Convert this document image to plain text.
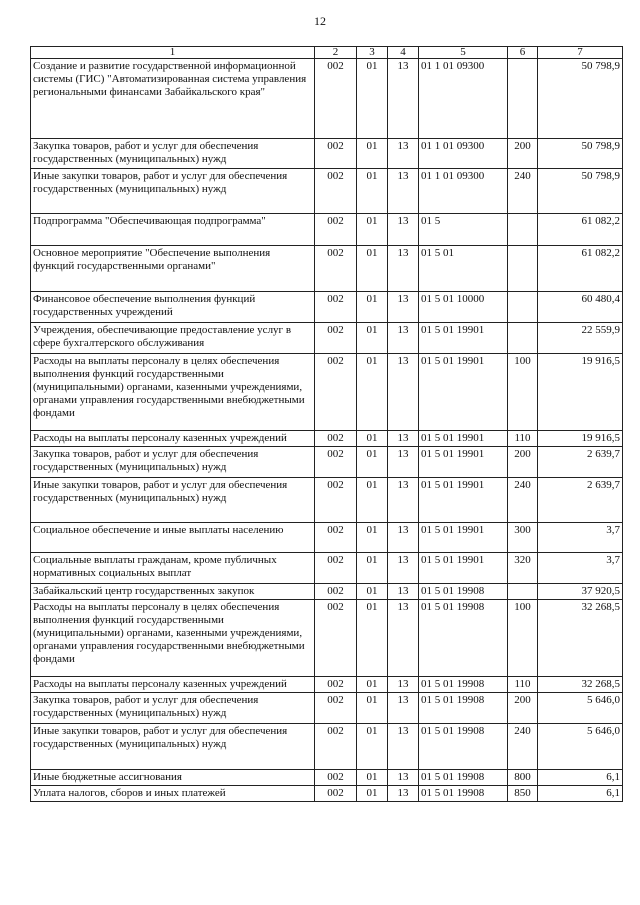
12
1	2	3	4	5	6	7
Создание и развитие государственной информационной системы (ГИС) "Автоматизированная система управления региональными финансами Забайкальского края"	002	01	13	01 1 01 09300		50 798,9
Закупка товаров, работ и услуг для обеспечения государственных (муниципальных) нужд	002	01	13	01 1 01 09300	200	50 798,9
Иные закупки товаров, работ и услуг для обеспечения государственных (муниципальных) нужд	002	01	13	01 1 01 09300	240	50 798,9
Подпрограмма "Обеспечивающая подпрограмма"	002	01	13	01 5		61 082,2
Основное мероприятие "Обеспечение выполнения функций государственными органами"	002	01	13	01 5 01		61 082,2
Финансовое обеспечение выполнения функций государственных учреждений	002	01	13	01 5 01 10000		60 480,4
Учреждения, обеспечивающие предоставление услуг в сфере бухгалтерского обслуживания	002	01	13	01 5 01 19901		22 559,9
Расходы на выплаты персоналу в целях обеспечения выполнения функций государственными (муниципальными) органами, казенными учреждениями, органами управления государственными внебюджетными фондами	002	01	13	01 5 01 19901	100	19 916,5
Расходы на выплаты персоналу казенных учреждений	002	01	13	01 5 01 19901	110	19 916,5
Закупка товаров, работ и услуг для обеспечения государственных (муниципальных) нужд	002	01	13	01 5 01 19901	200	2 639,7
Иные закупки товаров, работ и услуг для обеспечения государственных (муниципальных) нужд	002	01	13	01 5 01 19901	240	2 639,7
Социальное обеспечение и иные выплаты населению	002	01	13	01 5 01 19901	300	3,7
Социальные выплаты гражданам, кроме публичных нормативных социальных выплат	002	01	13	01 5 01 19901	320	3,7
Забайкальский центр государственных закупок	002	01	13	01 5 01 19908		37 920,5
Расходы на выплаты персоналу в целях обеспечения выполнения функций государственными (муниципальными) органами, казенными учреждениями, органами управления государственными внебюджетными фондами	002	01	13	01 5 01 19908	100	32 268,5
Расходы на выплаты персоналу казенных учреждений	002	01	13	01 5 01 19908	110	32 268,5
Закупка товаров, работ и услуг для обеспечения государственных (муниципальных) нужд	002	01	13	01 5 01 19908	200	5 646,0
Иные закупки товаров, работ и услуг для обеспечения государственных (муниципальных) нужд	002	01	13	01 5 01 19908	240	5 646,0
Иные бюджетные ассигнования	002	01	13	01 5 01 19908	800	6,1
Уплата налогов, сборов и иных платежей	002	01	13	01 5 01 19908	850	6,1
